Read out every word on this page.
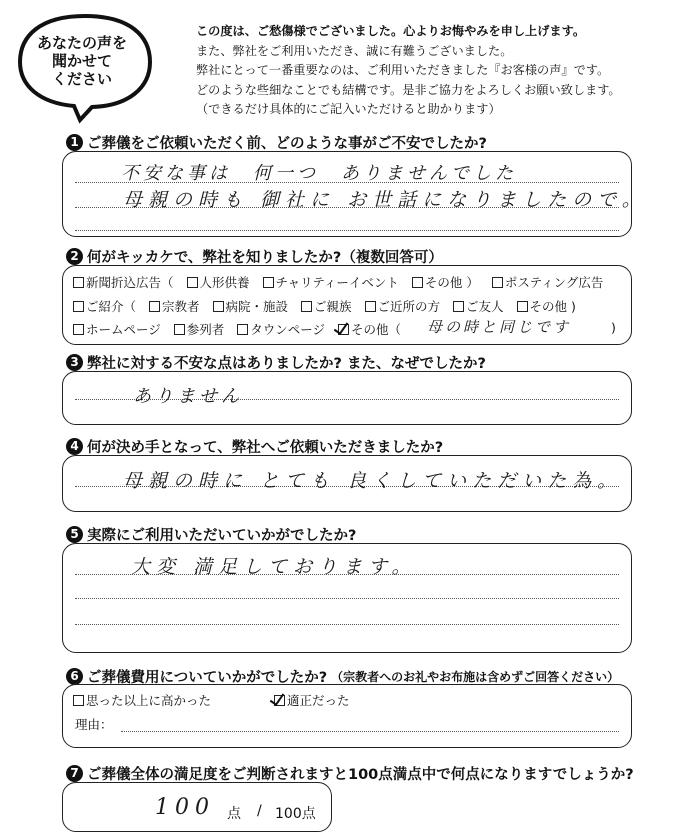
あなたの声を
聞かせて
ください
この度は、ご愁傷様でございました。心よりお悔やみを申し上げます。
また、弊社をご利用いただき、誠に有難うございました。
弊社にとって一番重要なのは、ご利用いただきました『お客様の声』です。
どのような些細なことでも結構です。是非ご協力をよろしくお願い致します。
（できるだけ具体的にご記入いただけると助かります）
1 ご葬儀をご依頼いただく前、どのような事がご不安でしたか?
不安な事は　何一つ　ありませんでした
母親の時も 御社に お世話になりましたので。
2 何がキッカケで、弊社を知りましたか?（複数回答可）
新聞折込広告（ 人形供養 チャリティーイベント その他 ） ポスティング広告
ご紹介（ 宗教者 病院・施設 ご親族 ご近所の方 ご友人 その他 )
ホームページ 参列者 タウンページ その他（	母の時と同じです	)
3 弊社に対する不安な点はありましたか? また、なぜでしたか?
ありません
4 何が決め手となって、弊社へご依頼いただきましたか?
母親の時に とても 良くしていただいた為。
5 実際にご利用いただいていかがでしたか?
大変 満足しております。
6 ご葬儀費用についていかがでしたか? （宗教者へのお礼やお布施は含めずご回答ください）
思った以上に高かった	適正だった
理由：
7 ご葬儀全体の満足度をご判断されますと100点満点中で何点になりますでしょうか?
100 点 / 100点
